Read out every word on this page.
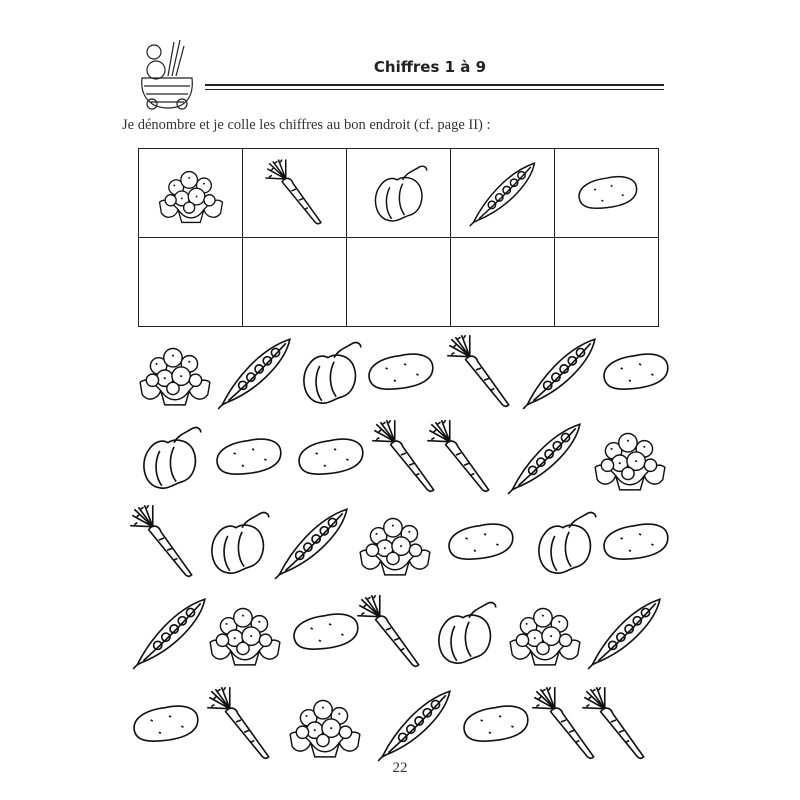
Chiffres 1 à 9
Je dénombre et je colle les chiffres au bon endroit (cf. page II) :

22
